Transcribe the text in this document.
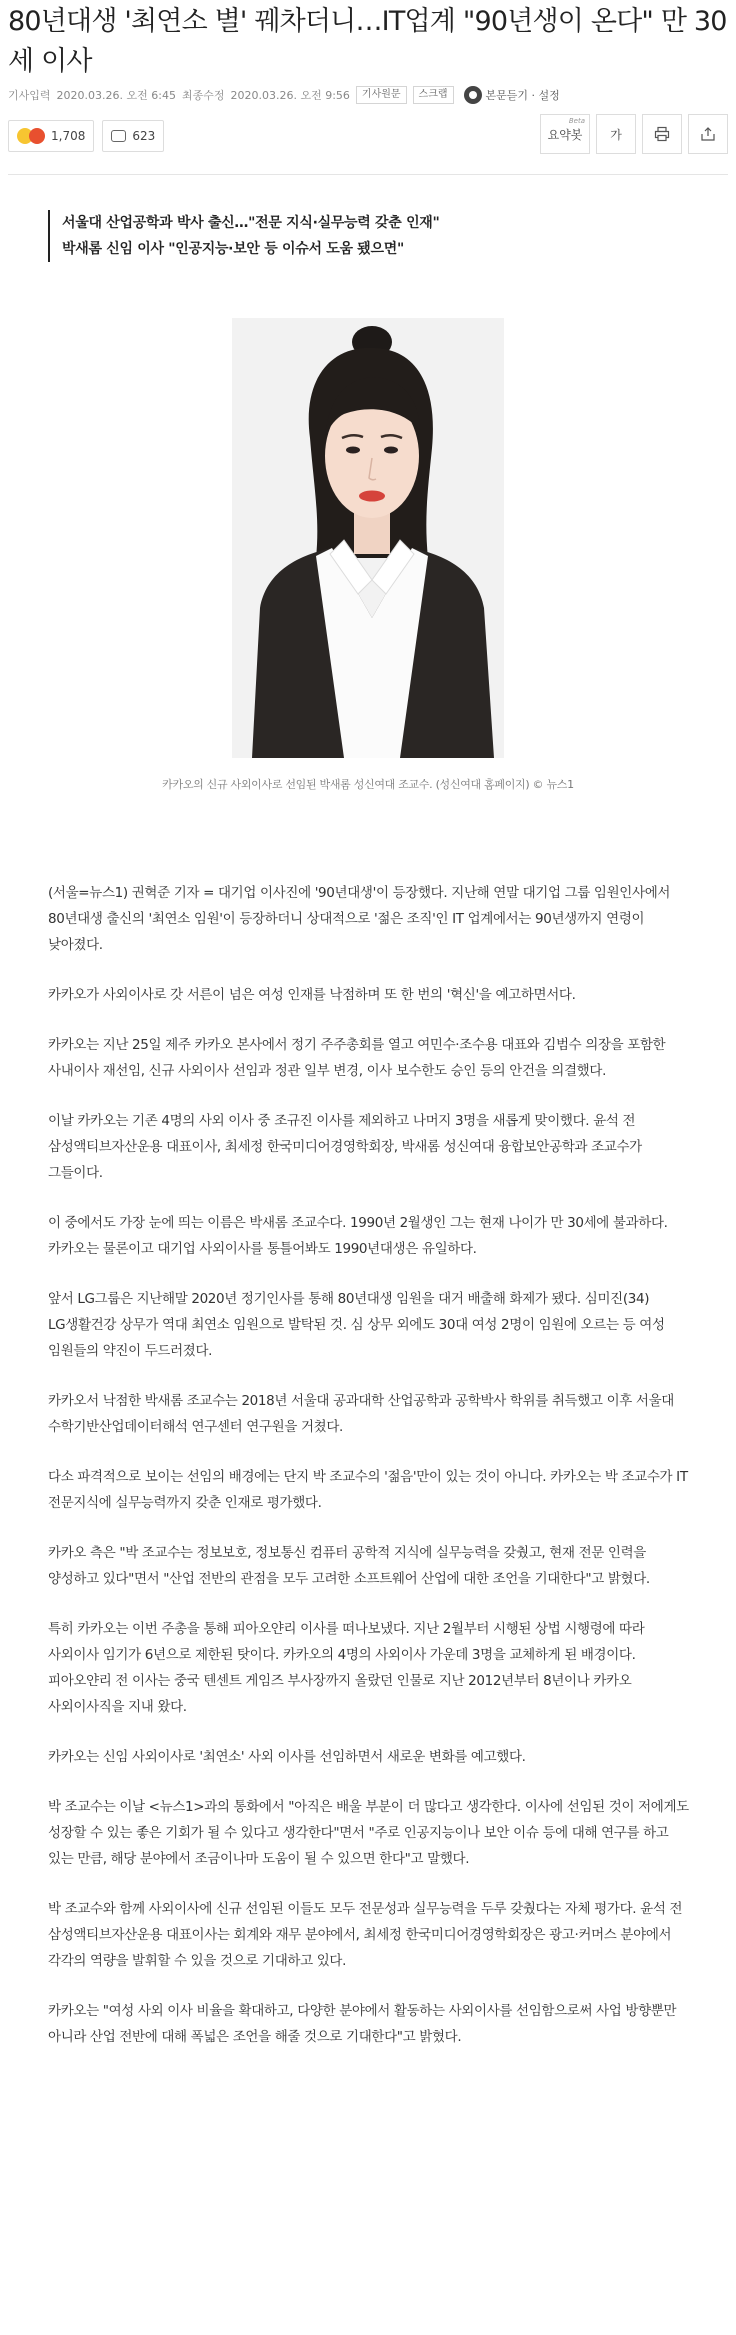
80년대생 '최연소 별' 꿰차더니…IT업계 "90년생이 온다" 만 30세 이사
기사입력 2020.03.26. 오전 6:45 최종수정 2020.03.26. 오전 9:56	기사원문	스크랩	본문듣기 · 설정
1,708	623
Beta
요약봇 가

서울대 산업공학과 박사 출신…"전문 지식·실무능력 갖춘 인재"

박새롬 신임 이사 "인공지능·보안 등 이슈서 도움 됐으면"

카카오의 신규 사외이사로 선임된 박새롬 성신여대 조교수. (성신여대 홈페이지) © 뉴스1

(서울=뉴스1) 권혁준 기자 = 대기업 이사진에 '90년대생'이 등장했다. 지난해 연말 대기업 그룹 임원인사에서 80년대생 출신의 '최연소 임원'이 등장하더니 상대적으로 '젊은 조직'인 IT 업계에서는 90년생까지 연령이 낮아졌다.

카카오가 사외이사로 갓 서른이 넘은 여성 인재를 낙점하며 또 한 번의 '혁신'을 예고하면서다.

카카오는 지난 25일 제주 카카오 본사에서 정기 주주총회를 열고 여민수·조수용 대표와 김범수 의장을 포함한 사내이사 재선임, 신규 사외이사 선임과 정관 일부 변경, 이사 보수한도 승인 등의 안건을 의결했다.

이날 카카오는 기존 4명의 사외 이사 중 조규진 이사를 제외하고 나머지 3명을 새롭게 맞이했다. 윤석 전 삼성액티브자산운용 대표이사, 최세정 한국미디어경영학회장, 박새롬 성신여대 융합보안공학과 조교수가 그들이다.

이 중에서도 가장 눈에 띄는 이름은 박새롬 조교수다. 1990년 2월생인 그는 현재 나이가 만 30세에 불과하다. 카카오는 물론이고 대기업 사외이사를 통틀어봐도 1990년대생은 유일하다.

앞서 LG그룹은 지난해말 2020년 정기인사를 통해 80년대생 임원을 대거 배출해 화제가 됐다. 심미진(34) LG생활건강 상무가 역대 최연소 임원으로 발탁된 것. 심 상무 외에도 30대 여성 2명이 임원에 오르는 등 여성 임원들의 약진이 두드러졌다.

카카오서 낙점한 박새롬 조교수는 2018년 서울대 공과대학 산업공학과 공학박사 학위를 취득했고 이후 서울대 수학기반산업데이터해석 연구센터 연구원을 거쳤다.

다소 파격적으로 보이는 선임의 배경에는 단지 박 조교수의 '젊음'만이 있는 것이 아니다. 카카오는 박 조교수가 IT 전문지식에 실무능력까지 갖춘 인재로 평가했다.

카카오 측은 "박 조교수는 정보보호, 정보통신 컴퓨터 공학적 지식에 실무능력을 갖췄고, 현재 전문 인력을 양성하고 있다"면서 "산업 전반의 관점을 모두 고려한 소프트웨어 산업에 대한 조언을 기대한다"고 밝혔다.

특히 카카오는 이번 주총을 통해 피아오얀리 이사를 떠나보냈다. 지난 2월부터 시행된 상법 시행령에 따라 사외이사 임기가 6년으로 제한된 탓이다. 카카오의 4명의 사외이사 가운데 3명을 교체하게 된 배경이다. 피아오얀리 전 이사는 중국 텐센트 게임즈 부사장까지 올랐던 인물로 지난 2012년부터 8년이나 카카오 사외이사직을 지내 왔다.

카카오는 신임 사외이사로 '최연소' 사외 이사를 선임하면서 새로운 변화를 예고했다.

박 조교수는 이날 <뉴스1>과의 통화에서 "아직은 배울 부분이 더 많다고 생각한다. 이사에 선임된 것이 저에게도 성장할 수 있는 좋은 기회가 될 수 있다고 생각한다"면서 "주로 인공지능이나 보안 이슈 등에 대해 연구를 하고 있는 만큼, 해당 분야에서 조금이나마 도움이 될 수 있으면 한다"고 말했다.

박 조교수와 함께 사외이사에 신규 선임된 이들도 모두 전문성과 실무능력을 두루 갖췄다는 자체 평가다. 윤석 전 삼성액티브자산운용 대표이사는 회계와 재무 분야에서, 최세정 한국미디어경영학회장은 광고·커머스 분야에서 각각의 역량을 발휘할 수 있을 것으로 기대하고 있다.

카카오는 "여성 사외 이사 비율을 확대하고, 다양한 분야에서 활동하는 사외이사를 선임함으로써 사업 방향뿐만 아니라 산업 전반에 대해 폭넓은 조언을 해줄 것으로 기대한다"고 밝혔다.
